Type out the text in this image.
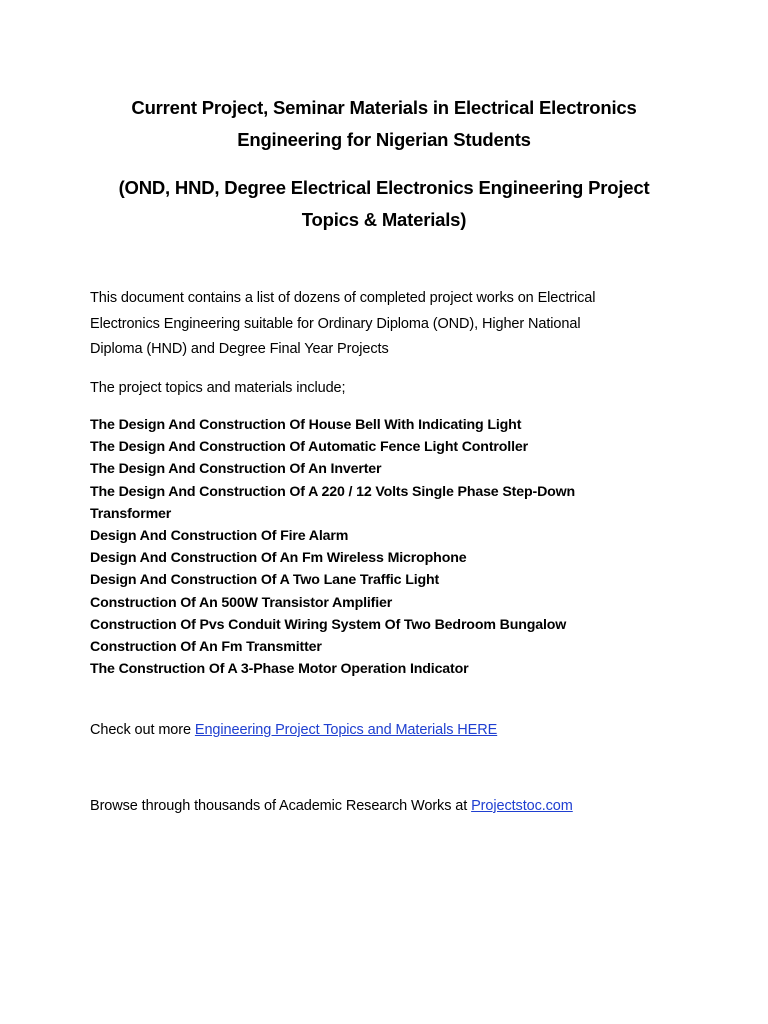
Current Project, Seminar Materials in Electrical Electronics
Engineering for Nigerian Students
(OND, HND, Degree Electrical Electronics Engineering Project
Topics & Materials)
This document contains a list of dozens of completed project works on Electrical
Electronics Engineering suitable for Ordinary Diploma (OND), Higher National
Diploma (HND) and Degree Final Year Projects
The project topics and materials include;
The Design And Construction Of House Bell With Indicating Light
The Design And Construction Of Automatic Fence Light Controller
The Design And Construction Of An Inverter
The Design And Construction Of A 220 / 12 Volts Single Phase Step-Down
Transformer
Design And Construction Of Fire Alarm
Design And Construction Of An Fm Wireless Microphone
Design And Construction Of A Two Lane Traffic Light
Construction Of An 500W Transistor Amplifier
Construction Of Pvs Conduit Wiring System Of Two Bedroom Bungalow
Construction Of An Fm Transmitter
The Construction Of A 3-Phase Motor Operation Indicator
Check out more Engineering Project Topics and Materials HERE
Browse through thousands of Academic Research Works at Projectstoc.com
